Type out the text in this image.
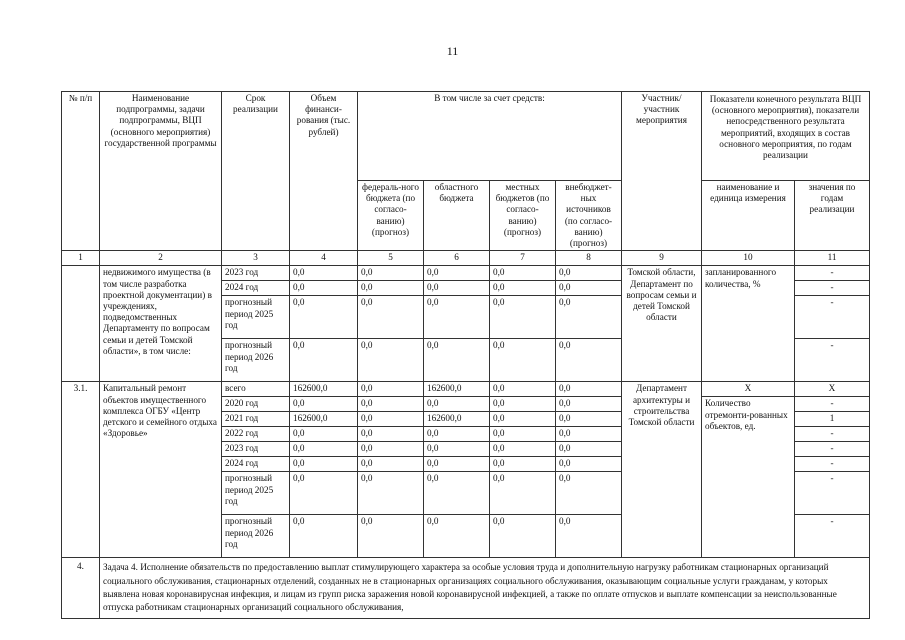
11
№ п/п	Наименование подпрограммы, задачи подпрограммы, ВЦП (основного мероприятия) государственной программы	Срок реализации	Объем финанси-рования (тыс. рублей)	В том числе за счет средств:				Участник/ участник мероприятия	Показатели конечного результата ВЦП (основного мероприятия), показатели непосредственного результата мероприятий, входящих в состав основного мероприятия, по годам реализации	
				федераль-ного бюджета (по согласо-ванию) (прогноз)	областного бюджета	местных бюджетов (по согласо-ванию) (прогноз)	внебюджет-ных источников (по согласо-ванию) (прогноз)		наименование и единица измерения	значения по годам реализации
1	2	3	4	5	6	7	8	9	10	11
	недвижимого имущества (в том числе разработка проектной документации) в учреждениях, подведомственных Департаменту по вопросам семьи и детей Томской области», в том числе:	2023 год	0,0	0,0	0,0	0,0	0,0	Томской области, Департамент по вопросам семьи и детей Томской области	запланированного количества, %	-
		2024 год	0,0	0,0	0,0	0,0	0,0			-
		прогнозный период 2025 год	0,0	0,0	0,0	0,0	0,0			-
		прогнозный период 2026 год	0,0	0,0	0,0	0,0	0,0			-
3.1.	Капитальный ремонт объектов имущественного комплекса ОГБУ «Центр детского и семейного отдыха «Здоровье»	всего	162600,0	0,0	162600,0	0,0	0,0	Департамент архитектуры и строительства Томской области	X	X
		2020 год	0,0	0,0	0,0	0,0	0,0		Количество отремонти-рованных объектов, ед.	-
		2021 год	162600,0	0,0	162600,0	0,0	0,0			1
		2022 год	0,0	0,0	0,0	0,0	0,0			-
		2023 год	0,0	0,0	0,0	0,0	0,0			-
		2024 год	0,0	0,0	0,0	0,0	0,0			-
		прогнозный период 2025 год	0,0	0,0	0,0	0,0	0,0			-
		прогнозный период 2026 год	0,0	0,0	0,0	0,0	0,0			-
4.	Задача 4. Исполнение обязательств по предоставлению выплат стимулирующего характера за особые условия труда и дополнительную нагрузку работникам стационарных организаций социального обслуживания, стационарных отделений, созданных не в стационарных организациях социального обслуживания, оказывающим социальные услуги гражданам, у которых выявлена новая коронавирусная инфекция, и лицам из групп риска заражения новой коронавирусной инфекцией, а также по оплате отпусков и выплате компенсации за неиспользованные отпуска работникам стационарных организаций социального обслуживания,									
